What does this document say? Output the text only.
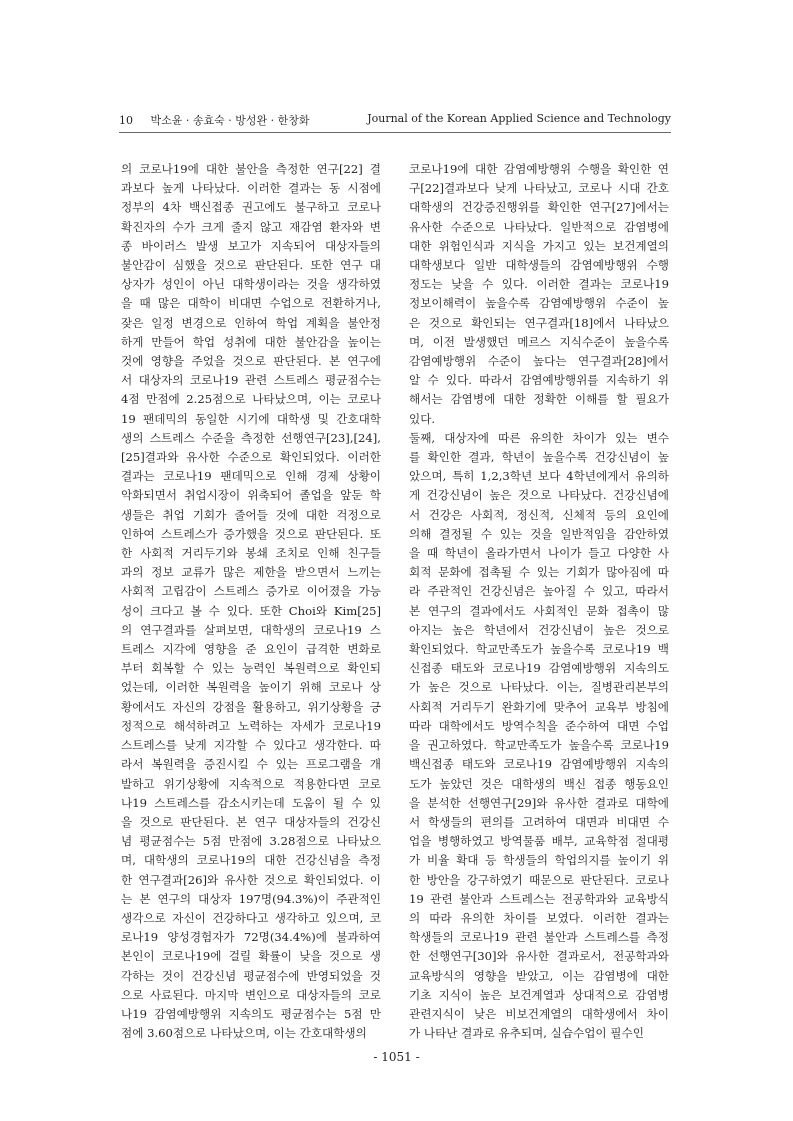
10 박소윤 · 송효숙 · 방성완 · 한창화	Journal of the Korean Applied Science and Technology
의 코로나19에 대한 불안을 측정한 연구[22] 결
과보다 높게 나타났다. 이러한 결과는 동 시점에
정부의 4차 백신접종 권고에도 불구하고 코로나
확진자의 수가 크게 줄지 않고 재감염 환자와 변
종 바이러스 발생 보고가 지속되어 대상자들의
불안감이 심했을 것으로 판단된다. 또한 연구 대
상자가 성인이 아닌 대학생이라는 것을 생각하였
을 때 많은 대학이 비대면 수업으로 전환하거나,
잦은 일정 변경으로 인하여 학업 계획을 불안정
하게 만들어 학업 성취에 대한 불안감을 높이는
것에 영향을 주었을 것으로 판단된다. 본 연구에
서 대상자의 코로나19 관련 스트레스 평균점수는
4점 만점에 2.25점으로 나타났으며, 이는 코로나
19 팬데믹의 동일한 시기에 대학생 및 간호대학
생의 스트레스 수준을 측정한 선행연구[23],[24],
[25]결과와 유사한 수준으로 확인되었다. 이러한
결과는 코로나19 팬데믹으로 인해 경제 상황이
악화되면서 취업시장이 위축되어 졸업을 앞둔 학
생들은 취업 기회가 줄어들 것에 대한 걱정으로
인하여 스트레스가 증가했을 것으로 판단된다. 또
한 사회적 거리두기와 봉쇄 조치로 인해 친구들
과의 정보 교류가 많은 제한을 받으면서 느끼는
사회적 고립감이 스트레스 증가로 이어졌을 가능
성이 크다고 볼 수 있다. 또한 Choi와 Kim[25]
의 연구결과를 살펴보면, 대학생의 코로나19 스
트레스 지각에 영향을 준 요인이 급격한 변화로
부터 회복할 수 있는 능력인 복원력으로 확인되
었는데, 이러한 복원력을 높이기 위해 코로나 상
황에서도 자신의 강점을 활용하고, 위기상황을 긍
정적으로 해석하려고 노력하는 자세가 코로나19
스트레스를 낮게 지각할 수 있다고 생각한다. 따
라서 복원력을 증진시킬 수 있는 프로그램을 개
발하고 위기상황에 지속적으로 적용한다면 코로
나19 스트레스를 감소시키는데 도움이 될 수 있
을 것으로 판단된다. 본 연구 대상자들의 건강신
념 평균점수는 5점 만점에 3.28점으로 나타났으
며, 대학생의 코로나19의 대한 건강신념을 측정
한 연구결과[26]와 유사한 것으로 확인되었다. 이
는 본 연구의 대상자 197명(94.3%)이 주관적인
생각으로 자신이 건강하다고 생각하고 있으며, 코
로나19 양성경험자가 72명(34.4%)에 불과하여
본인이 코로나19에 걸릴 확률이 낮을 것으로 생
각하는 것이 건강신념 평균점수에 반영되었을 것
으로 사료된다. 마지막 변인으로 대상자들의 코로
나19 감염예방행위 지속의도 평균점수는 5점 만
점에 3.60점으로 나타났으며, 이는 간호대학생의
코로나19에 대한 감염예방행위 수행을 확인한 연
구[22]결과보다 낮게 나타났고, 코로나 시대 간호
대학생의 건강증진행위를 확인한 연구[27]에서는
유사한 수준으로 나타났다. 일반적으로 감염병에
대한 위험인식과 지식을 가지고 있는 보건계열의
대학생보다 일반 대학생들의 감염예방행위 수행
정도는 낮을 수 있다. 이러한 결과는 코로나19
정보이해력이 높을수록 감염예방행위 수준이 높
은 것으로 확인되는 연구결과[18]에서 나타났으
며, 이전 발생했던 메르스 지식수준이 높을수록
감염예방행위 수준이 높다는 연구결과[28]에서
알 수 있다. 따라서 감염예방행위를 지속하기 위
해서는 감염병에 대한 정확한 이해를 할 필요가
있다.
둘째, 대상자에 따른 유의한 차이가 있는 변수
를 확인한 결과, 학년이 높을수록 건강신념이 높
았으며, 특히 1,2,3학년 보다 4학년에게서 유의하
게 건강신념이 높은 것으로 나타났다. 건강신념에
서 건강은 사회적, 정신적, 신체적 등의 요인에
의해 결정될 수 있는 것을 일반적임을 감안하였
을 때 학년이 올라가면서 나이가 들고 다양한 사
회적 문화에 접촉될 수 있는 기회가 많아짐에 따
라 주관적인 건강신념은 높아질 수 있고, 따라서
본 연구의 결과에서도 사회적인 문화 접촉이 많
아지는 높은 학년에서 건강신념이 높은 것으로
확인되었다. 학교만족도가 높을수록 코로나19 백
신접종 태도와 코로나19 감염예방행위 지속의도
가 높은 것으로 나타났다. 이는, 질병관리본부의
사회적 거리두기 완화기에 맞추어 교육부 방침에
따라 대학에서도 방역수칙을 준수하여 대면 수업
을 권고하였다. 학교만족도가 높을수록 코로나19
백신접종 태도와 코로나19 감염예방행위 지속의
도가 높았던 것은 대학생의 백신 접종 행동요인
을 분석한 선행연구[29]와 유사한 결과로 대학에
서 학생들의 편의를 고려하여 대면과 비대면 수
업을 병행하였고 방역물품 배부, 교육학점 절대평
가 비율 확대 등 학생들의 학업의지를 높이기 위
한 방안을 강구하였기 때문으로 판단된다. 코로나
19 관련 불안과 스트레스는 전공학과와 교육방식
의 따라 유의한 차이를 보였다. 이러한 결과는
학생들의 코로나19 관련 불안과 스트레스를 측정
한 선행연구[30]와 유사한 결과로서, 전공학과와
교육방식의 영향을 받았고, 이는 감염병에 대한
기초 지식이 높은 보건계열과 상대적으로 감염병
관련지식이 낮은 비보건계열의 대학생에서 차이
가 나타난 결과로 유추되며, 실습수업이 필수인
- 1051 -
